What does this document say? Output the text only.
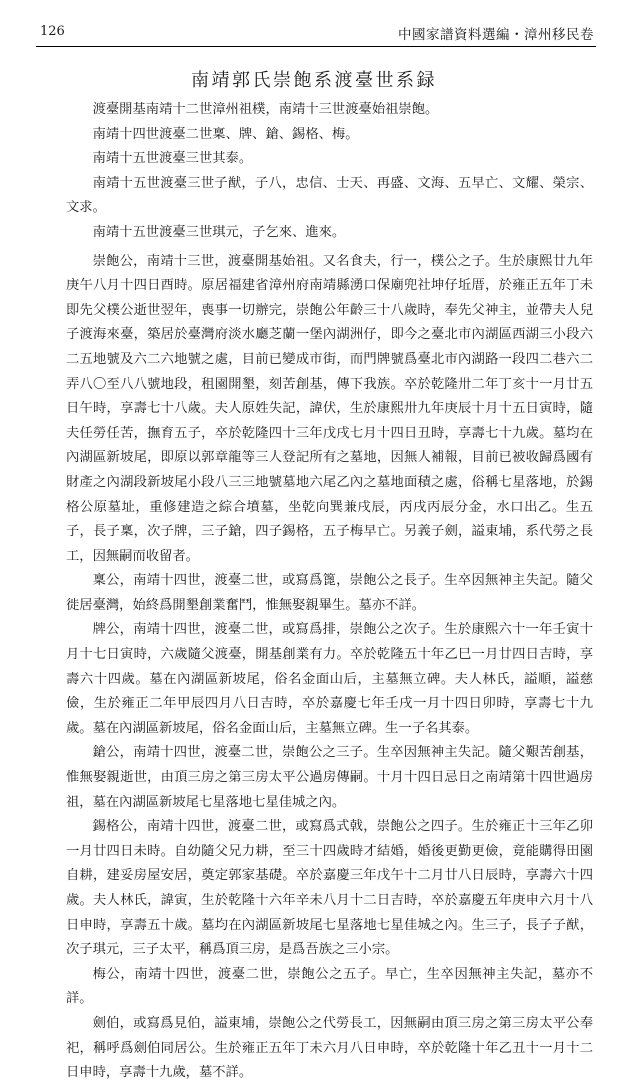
126	中國家譜資料選編・漳州移民卷
南靖郭氏崇飽系渡臺世系録

渡臺開基南靖十二世漳州祖樸，南靖十三世渡臺始祖崇飽。

南靖十四世渡臺二世稟、牌、鎗、錫格、梅。

南靖十五世渡臺三世其泰。

南靖十五世渡臺三世子猷，子八，忠信、士天、再盛、文海、五早亡、文耀、榮宗、文求。

南靖十五世渡臺三世琪元，子乞來、進來。

崇飽公，南靖十三世，渡臺開基始祖。又名食夫，行一，樸公之子。生於康熙廿九年庚午八月十四日酉時。原居福建省漳州府南靖縣湧口保廟兜社坤仔坵厝，於雍正五年丁未即先父樸公逝世翌年，喪事一切辦完，崇飽公年齡三十八歲時，奉先父神主，並帶夫人兒子渡海來臺，築居於臺灣府淡水廳芝蘭一堡內湖洲仔，即今之臺北市內湖區西湖三小段六二五地號及六二六地號之處，目前已變成市街，而門牌號爲臺北市內湖路一段四二巷六二弄八〇至八八號地段，租園開墾，刻苦創基，傳下我族。卒於乾隆卅二年丁亥十一月廿五日午時，享壽七十八歲。夫人原姓失記，諱伏，生於康熙卅九年庚辰十月十五日寅時，隨夫任勞任苦，撫育五子，卒於乾隆四十三年戊戌七月十四日丑時，享壽七十九歲。墓均在內湖區新坡尾，即原以郭章龍等三人登記所有之墓地，因無人補報，目前已被收歸爲國有財產之內湖段新坡尾小段八三三地號墓地六尾乙內之墓地面積之處，俗稱七星落地，於錫格公原墓址，重修建造之綜合墳墓，坐乾向巽兼戌辰，丙戌丙辰分金，水口出乙。生五子，長子稟，次子牌，三子鎗，四子錫格，五子梅早亡。另義子劍，謚東埔，系代勞之長工，因無嗣而收留者。

稟公，南靖十四世，渡臺二世，或寫爲篦，崇飽公之長子。生卒因無神主失記。隨父徙居臺灣，始終爲開墾創業奮鬥，惟無娶親畢生。墓亦不詳。

牌公，南靖十四世，渡臺二世，或寫爲排，崇飽公之次子。生於康熙六十一年壬寅十月十七日寅時，六歲隨父渡臺，開基創業有力。卒於乾隆五十年乙巳一月廿四日吉時，享壽六十四歲。墓在內湖區新坡尾，俗名金面山后，主墓無立碑。夫人林氏，謚順，謚慈儉，生於雍正二年甲辰四月八日吉時，卒於嘉慶七年壬戌一月十四日卯時，享壽七十九歲。墓在內湖區新坡尾，俗名金面山后，主墓無立碑。生一子名其泰。

鎗公，南靖十四世，渡臺二世，崇飽公之三子。生卒因無神主失記。隨父艱苦創基，惟無娶親逝世，由頂三房之第三房太平公過房傳嗣。十月十四日忌日之南靖第十四世過房祖，墓在內湖區新坡尾七星落地七星佳城之內。

錫格公，南靖十四世，渡臺二世，或寫爲式戟，崇飽公之四子。生於雍正十三年乙卯一月廿四日未時。自幼隨父兄力耕，至三十四歲時才結婚，婚後更勤更儉，竟能購得田園自耕，建妥房屋安居，奠定郭家基礎。卒於嘉慶三年戊午十二月廿八日辰時，享壽六十四歲。夫人林氏，諱寅，生於乾隆十六年辛未八月十二日吉時，卒於嘉慶五年庚申六月十八日申時，享壽五十歲。墓均在內湖區新坡尾七星落地七星佳城之內。生三子，長子子猷，次子琪元，三子太平，稱爲頂三房，是爲吾族之三小宗。

梅公，南靖十四世，渡臺二世，崇飽公之五子。早亡，生卒因無神主失記，墓亦不詳。

劍伯，或寫爲見伯，謚東埔，崇飽公之代勞長工，因無嗣由頂三房之第三房太平公奉祀，稱呼爲劍伯同居公。生於雍正五年丁未六月八日申時，卒於乾隆十年乙丑十一月十二日申時，享壽十九歲，墓不詳。
